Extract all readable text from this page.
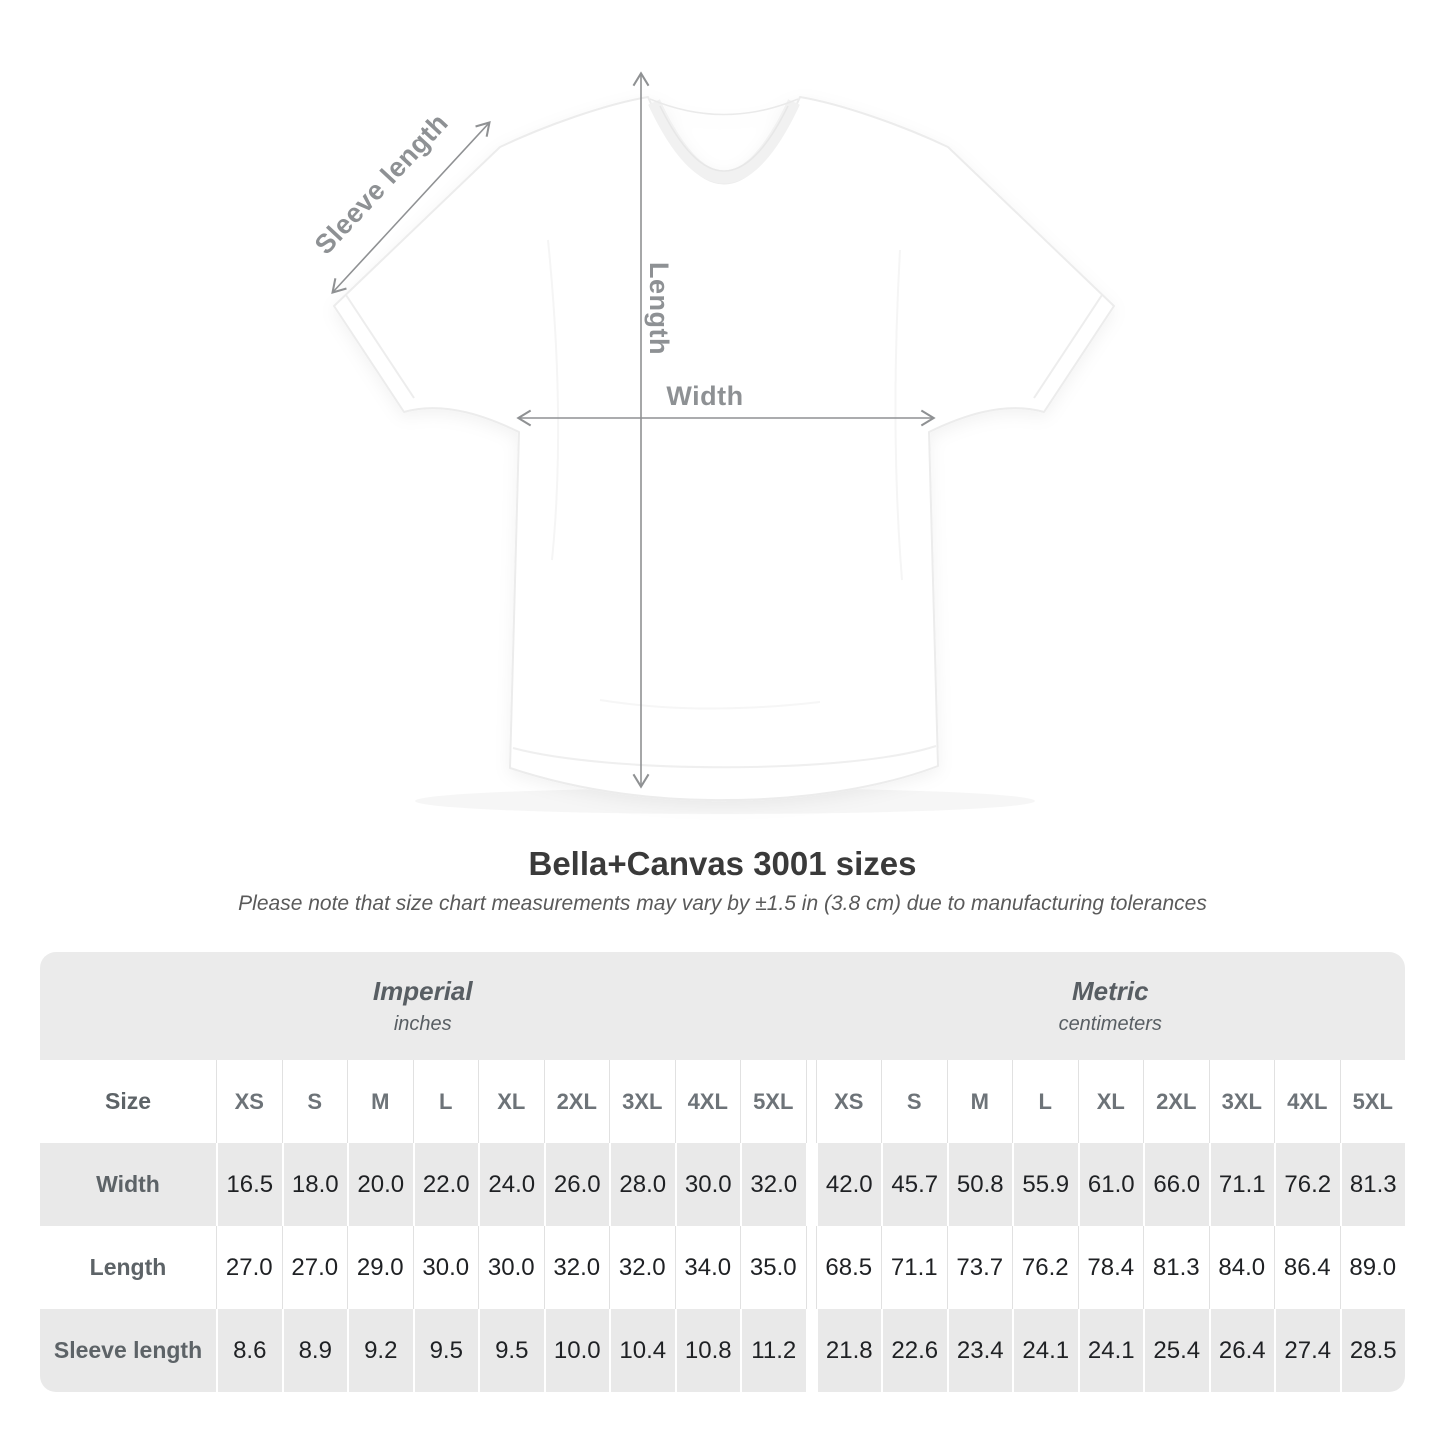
Width
Length
Sleeve length
Bella+Canvas 3001 sizes
Please note that size chart measurements may vary by ±1.5 in (3.8 cm) due to manufacturing tolerances
Imperial
inches
Metric
centimeters
Size	XS	S	M	L	XL	2XL	3XL	4XL	5XL	XS	S	M	L	XL	2XL	3XL	4XL	5XL
Width	16.5 18.0 20.0 22.0 24.0 26.0 28.0 30.0 32.0	42.0 45.7 50.8 55.9 61.0 66.0 71.1 76.2 81.3
Length	27.0 27.0 29.0 30.0 30.0 32.0 32.0 34.0 35.0	68.5 71.1 73.7 76.2 78.4 81.3 84.0 86.4 89.0
Sleeve length	8.6	8.9	9.2	9.5	9.5	10.0 10.4 10.8 11.2	21.8 22.6 23.4 24.1 24.1 25.4 26.4 27.4 28.5
